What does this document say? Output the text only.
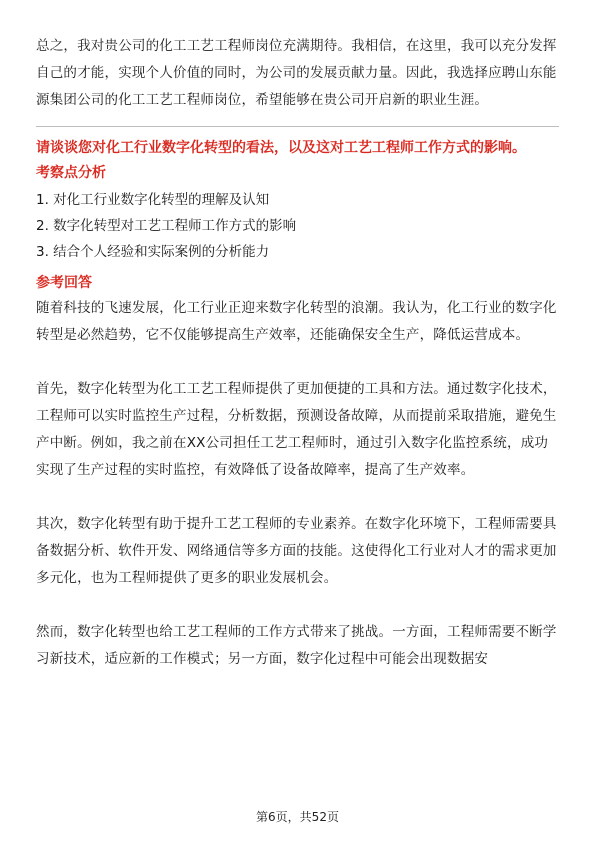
总之，我对贵公司的化工工艺工程师岗位充满期待。我相信，在这里，我可以充分发挥自己的才能，实现个人价值的同时，为公司的发展贡献力量。因此，我选择应聘山东能源集团公司的化工工艺工程师岗位，希望能够在贵公司开启新的职业生涯。

请谈谈您对化工行业数字化转型的看法，以及这对工艺工程师工作方式的影响。
考察点分析
1. 对化工行业数字化转型的理解及认知
2. 数字化转型对工艺工程师工作方式的影响
3. 结合个人经验和实际案例的分析能力
参考回答

随着科技的飞速发展，化工行业正迎来数字化转型的浪潮。我认为，化工行业的数字化转型是必然趋势，它不仅能够提高生产效率，还能确保安全生产，降低运营成本。

首先，数字化转型为化工工艺工程师提供了更加便捷的工具和方法。通过数字化技术，工程师可以实时监控生产过程，分析数据，预测设备故障，从而提前采取措施，避免生产中断。例如，我之前在XX公司担任工艺工程师时，通过引入数字化监控系统，成功实现了生产过程的实时监控，有效降低了设备故障率，提高了生产效率。

其次，数字化转型有助于提升工艺工程师的专业素养。在数字化环境下，工程师需要具备数据分析、软件开发、网络通信等多方面的技能。这使得化工行业对人才的需求更加多元化，也为工程师提供了更多的职业发展机会。

然而，数字化转型也给工艺工程师的工作方式带来了挑战。一方面，工程师需要不断学习新技术，适应新的工作模式；另一方面，数字化过程中可能会出现数据安

第6页，共52页
